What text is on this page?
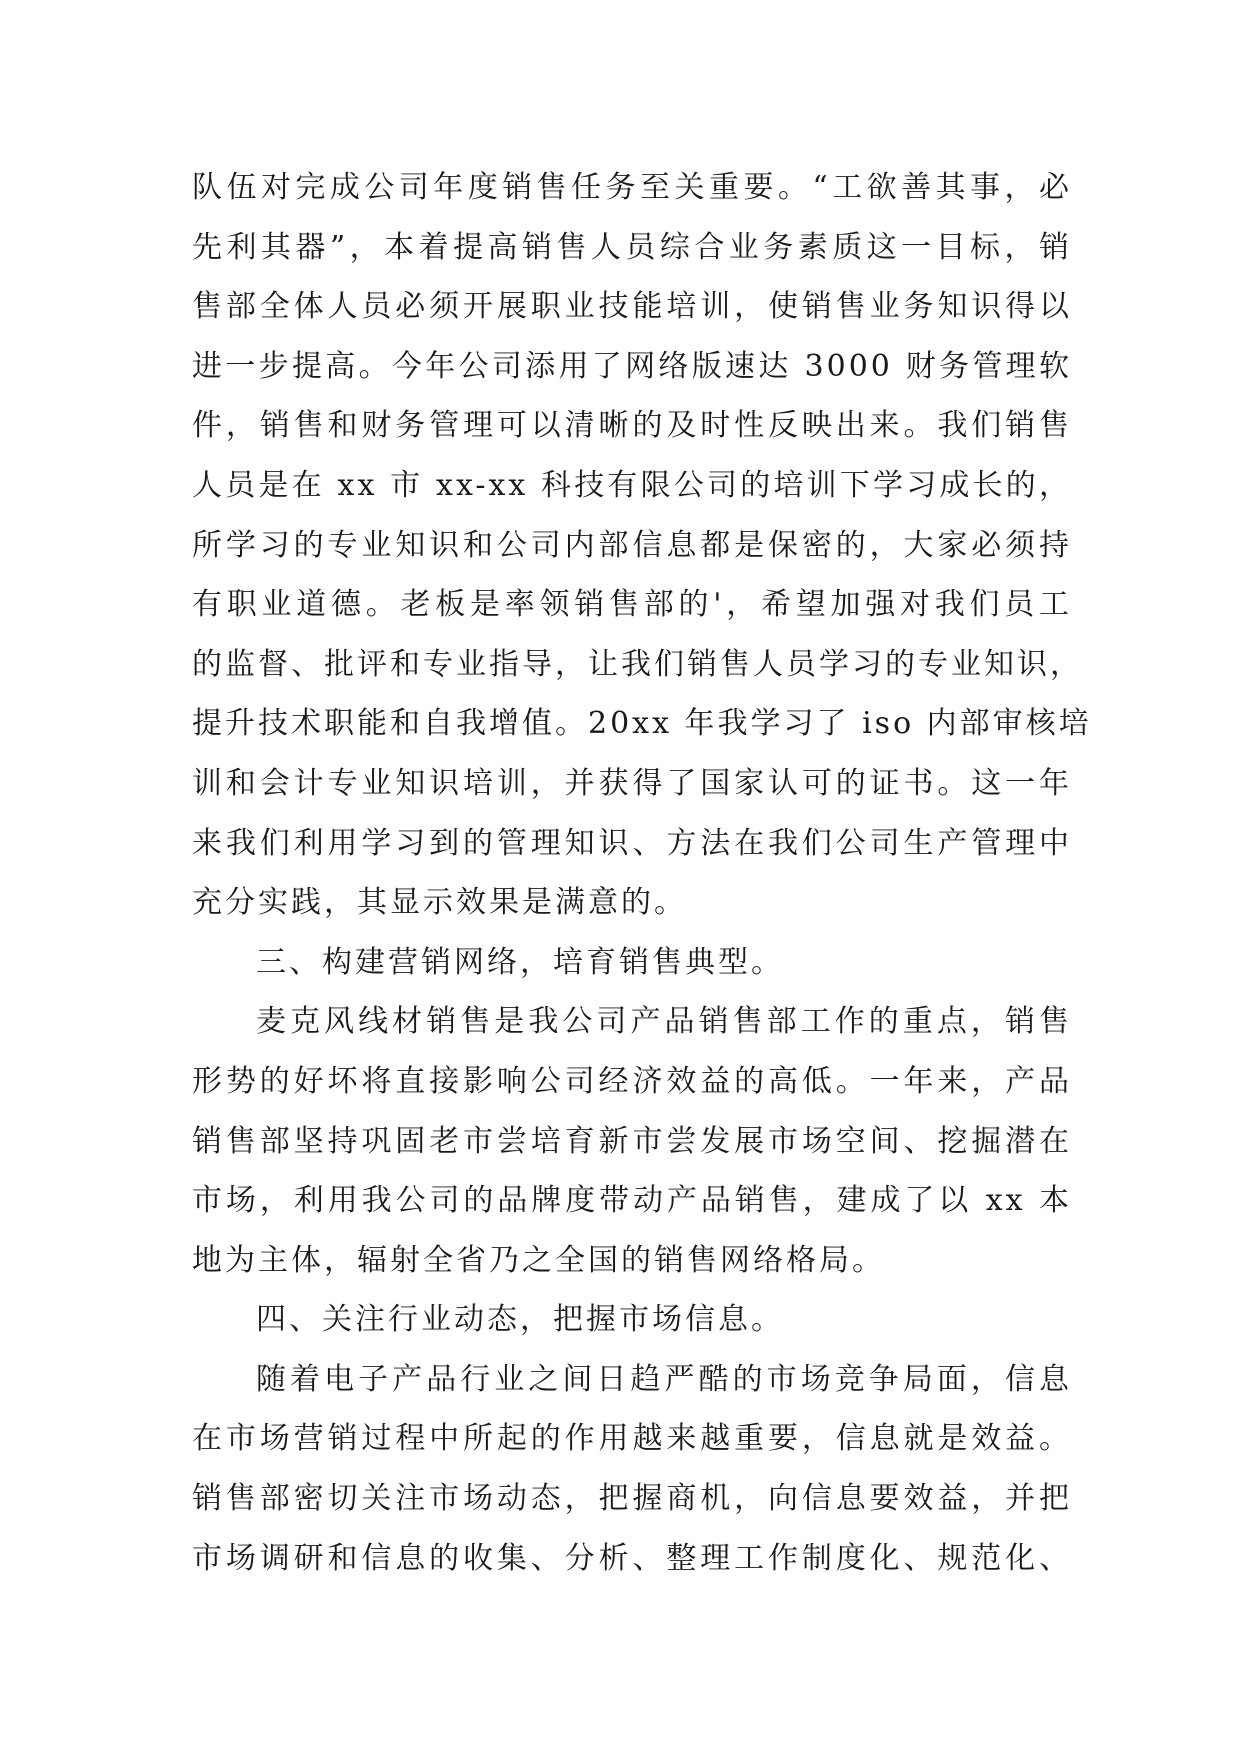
队伍对完成公司年度销售任务至关重要。“工欲善其事，必
先利其器”，本着提高销售人员综合业务素质这一目标，销
售部全体人员必须开展职业技能培训，使销售业务知识得以
进一步提高。今年公司添用了网络版速达 3000 财务管理软
件，销售和财务管理可以清晰的及时性反映出来。我们销售
人员是在 xx 市 xx-xx 科技有限公司的培训下学习成长的，
所学习的专业知识和公司内部信息都是保密的，大家必须持
有职业道德。老板是率领销售部的'，希望加强对我们员工
的监督、批评和专业指导，让我们销售人员学习的专业知识，
提升技术职能和自我增值。20xx 年我学习了 iso 内部审核培
训和会计专业知识培训，并获得了国家认可的证书。这一年
来我们利用学习到的管理知识、方法在我们公司生产管理中
充分实践，其显示效果是满意的。
三、构建营销网络，培育销售典型。
麦克风线材销售是我公司产品销售部工作的重点，销售
形势的好坏将直接影响公司经济效益的高低。一年来，产品
销售部坚持巩固老市尝培育新市尝发展市场空间、挖掘潜在
市场，利用我公司的品牌度带动产品销售，建成了以 xx 本
地为主体，辐射全省乃之全国的销售网络格局。
四、关注行业动态，把握市场信息。
随着电子产品行业之间日趋严酷的市场竞争局面，信息
在市场营销过程中所起的作用越来越重要，信息就是效益。
销售部密切关注市场动态，把握商机，向信息要效益，并把
市场调研和信息的收集、分析、整理工作制度化、规范化、
